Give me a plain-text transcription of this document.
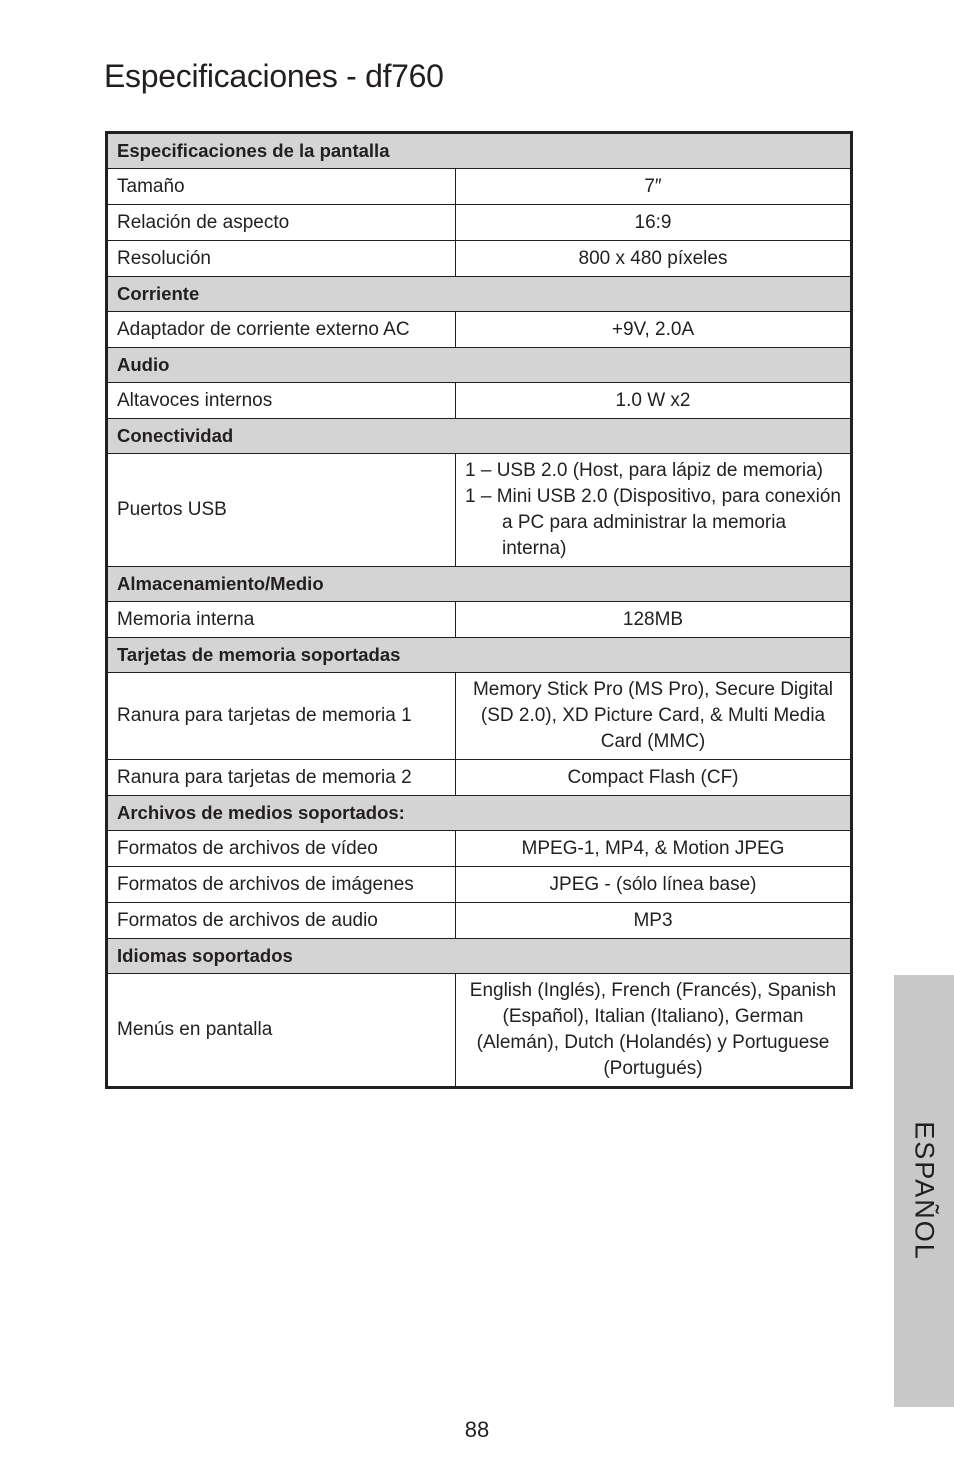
Especificaciones - df760
Especificaciones de la pantalla	
Tamaño	7″
Relación de aspecto	16:9
Resolución	800 x 480 píxeles
Corriente	
Adaptador de corriente externo AC	+9V, 2.0A
Audio	
Altavoces internos	1.0 W x2
Conectividad	
Puertos USB	1 – USB 2.0 (Host, para lápiz de memoria)
1 – Mini USB 2.0 (Dispositivo, para conexión a PC para administrar la memoria interna)

Almacenamiento/Medio	
Memoria interna	128MB
Tarjetas de memoria soportadas	
Ranura para tarjetas de memoria 1	Memory Stick Pro (MS Pro), Secure Digital (SD 2.0), XD Picture Card, & Multi Media Card (MMC)
Ranura para tarjetas de memoria 2	Compact Flash (CF)
Archivos de medios soportados:	
Formatos de archivos de vídeo	MPEG-1, MP4, & Motion JPEG
Formatos de archivos de imágenes	JPEG - (sólo línea base)
Formatos de archivos de audio	MP3
Idiomas soportados	
Menús en pantalla	English (Inglés), French (Francés), Spanish (Español), Italian (Italiano), German (Alemán), Dutch (Holandés) y Portuguese (Portugués)
ESPAÑOL
88
